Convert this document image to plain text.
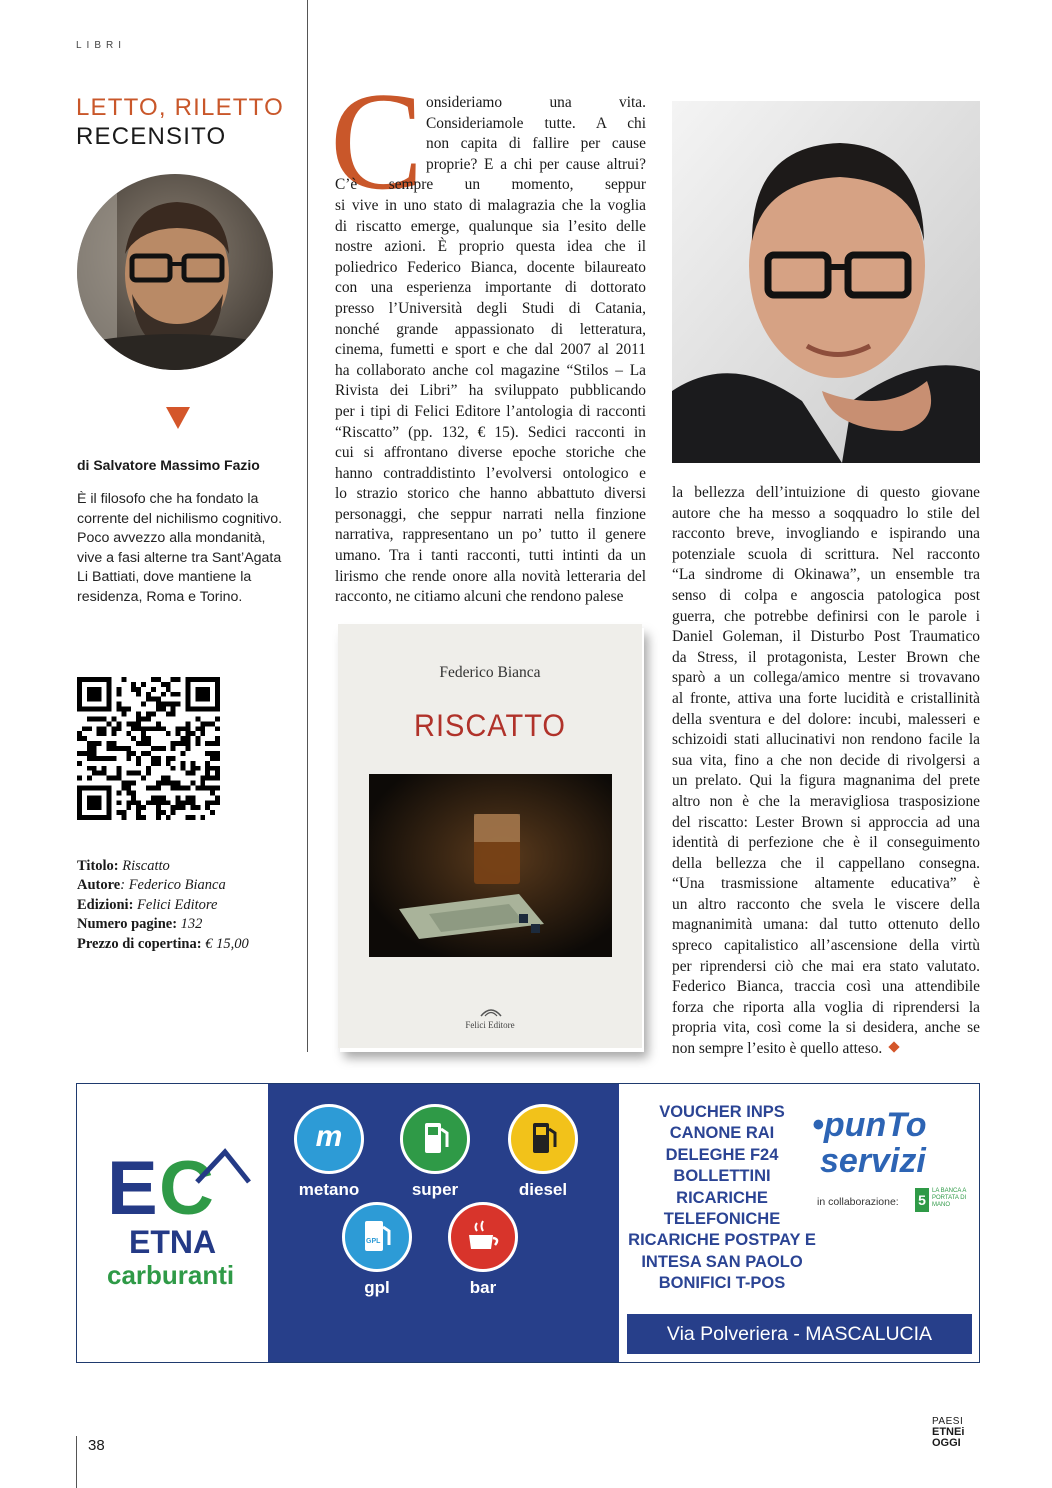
LIBRI
LETTO, RILETTO
RECENSITO
di Salvatore Massimo Fazio
È il filosofo che ha fondato la corrente del nichilismo cognitivo. Poco avvezzo alla mondanità, vive a fasi alterne tra Sant’Agata Li Battiati, dove mantiene la residenza, Roma e Torino.
Titolo: Riscatto
Autore: Federico Bianca
Edizioni: Felici Editore
Numero pagine: 132
Prezzo di copertina: € 15,00
C onsideriamo una vita.
Consideriamole tutte. A chi
non capita di fallire per cause
proprie? E a chi per cause altrui?
C’è sempre un momento, seppur
si vive in uno stato di malagrazia che la voglia
di riscatto emerge, qualunque sia l’esito delle
nostre azioni. È proprio questa idea che il
poliedrico Federico Bianca, docente bilaureato
con una esperienza importante di dottorato
presso l’Università degli Studi di Catania,
nonché grande appassionato di letteratura,
cinema, fumetti e sport e che dal 2007 al 2011
ha collaborato anche col magazine “Stilos – La
Rivista dei Libri” ha sviluppato pubblicando
per i tipi di Felici Editore l’antologia di racconti
“Riscatto” (pp. 132, € 15). Sedici racconti in
cui si affrontano diverse epoche storiche che
hanno contraddistinto l’evolversi ontologico e
lo strazio storico che hanno abbattuto diversi
personaggi, che seppur narrati nella finzione
narrativa, rappresentano un po’ tutto il genere
umano. Tra i tanti racconti, tutti intinti da un
lirismo che rende onore alla novità letteraria del
racconto, ne citiamo alcuni che rendono palese
la bellezza dell’intuizione di questo giovane
autore che ha messo a soqquadro lo stile del
racconto breve, invogliando e ispirando una
potenziale scuola di scrittura. Nel racconto
“La sindrome di Okinawa”, un ensemble tra
senso di colpa e angoscia patologica post
guerra, che potrebbe definirsi con le parole i
Daniel Goleman, il Disturbo Post Traumatico
da Stress, il protagonista, Lester Brown che
sparò a un collega/amico mentre si trovavano
al fronte, attiva una forte lucidità e cristallinità
della sventura e del dolore: incubi, malesseri e
schizoidi stati allucinativi non rendono facile la
sua vita, fino a che non decide di rivolgersi a
un prelato. Qui la figura magnanima del prete
altro non è che la meravigliosa trasposizione
del riscatto: Lester Brown si approccia ad una
identità di perfezione che è il conseguimento
della bellezza che il cappellano consegna.
“Una trasmissione altamente educativa” è
un altro racconto che svela le viscere della
magnanimità umana: dal tutto ottenuto dello
spreco capitalistico all’ascensione della virtù
per riprendersi ciò che mai era stato valutato.
Federico Bianca, traccia così una attendibile
forza che riporta alla voglia di riprendersi la
propria vita, così come la si desidera, anche se
non sempre l’esito è quello atteso.
Federico Bianca
RISCATTO
Felici Editore
E C
ETNA
carburanti
m
metano	super	diesel
GPL
gpl	bar
VOUCHER INPS
CANONE RAI
DELEGHE F24
BOLLETTINI
RICARICHE
TELEFONICHE
RICARICHE POSTPAY E
INTESA SAN PAOLO
BONIFICI T-POS
•punTo
servizi
in collaborazione: 5
LA BANCA A PORTATA DI MANO
Via Polveriera - MASCALUCIA
38
PAESI
ETNEi
OGGI
